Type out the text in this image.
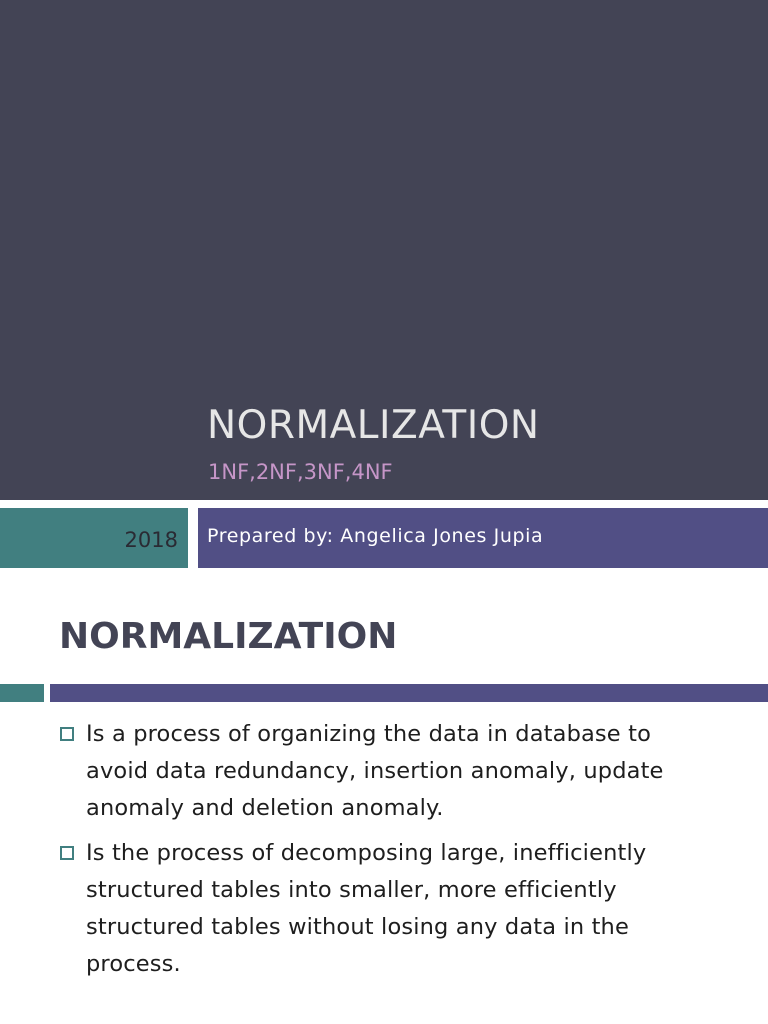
NORMALIZATION
1NF,2NF,3NF,4NF
2018 Prepared by: Angelica Jones Jupia
NORMALIZATION
Is a process of organizing the data in database to avoid data redundancy, insertion anomaly, update anomaly and deletion anomaly.
Is the process of decomposing large, inefficiently structured tables into smaller, more efficiently structured tables without losing any data in the process.
